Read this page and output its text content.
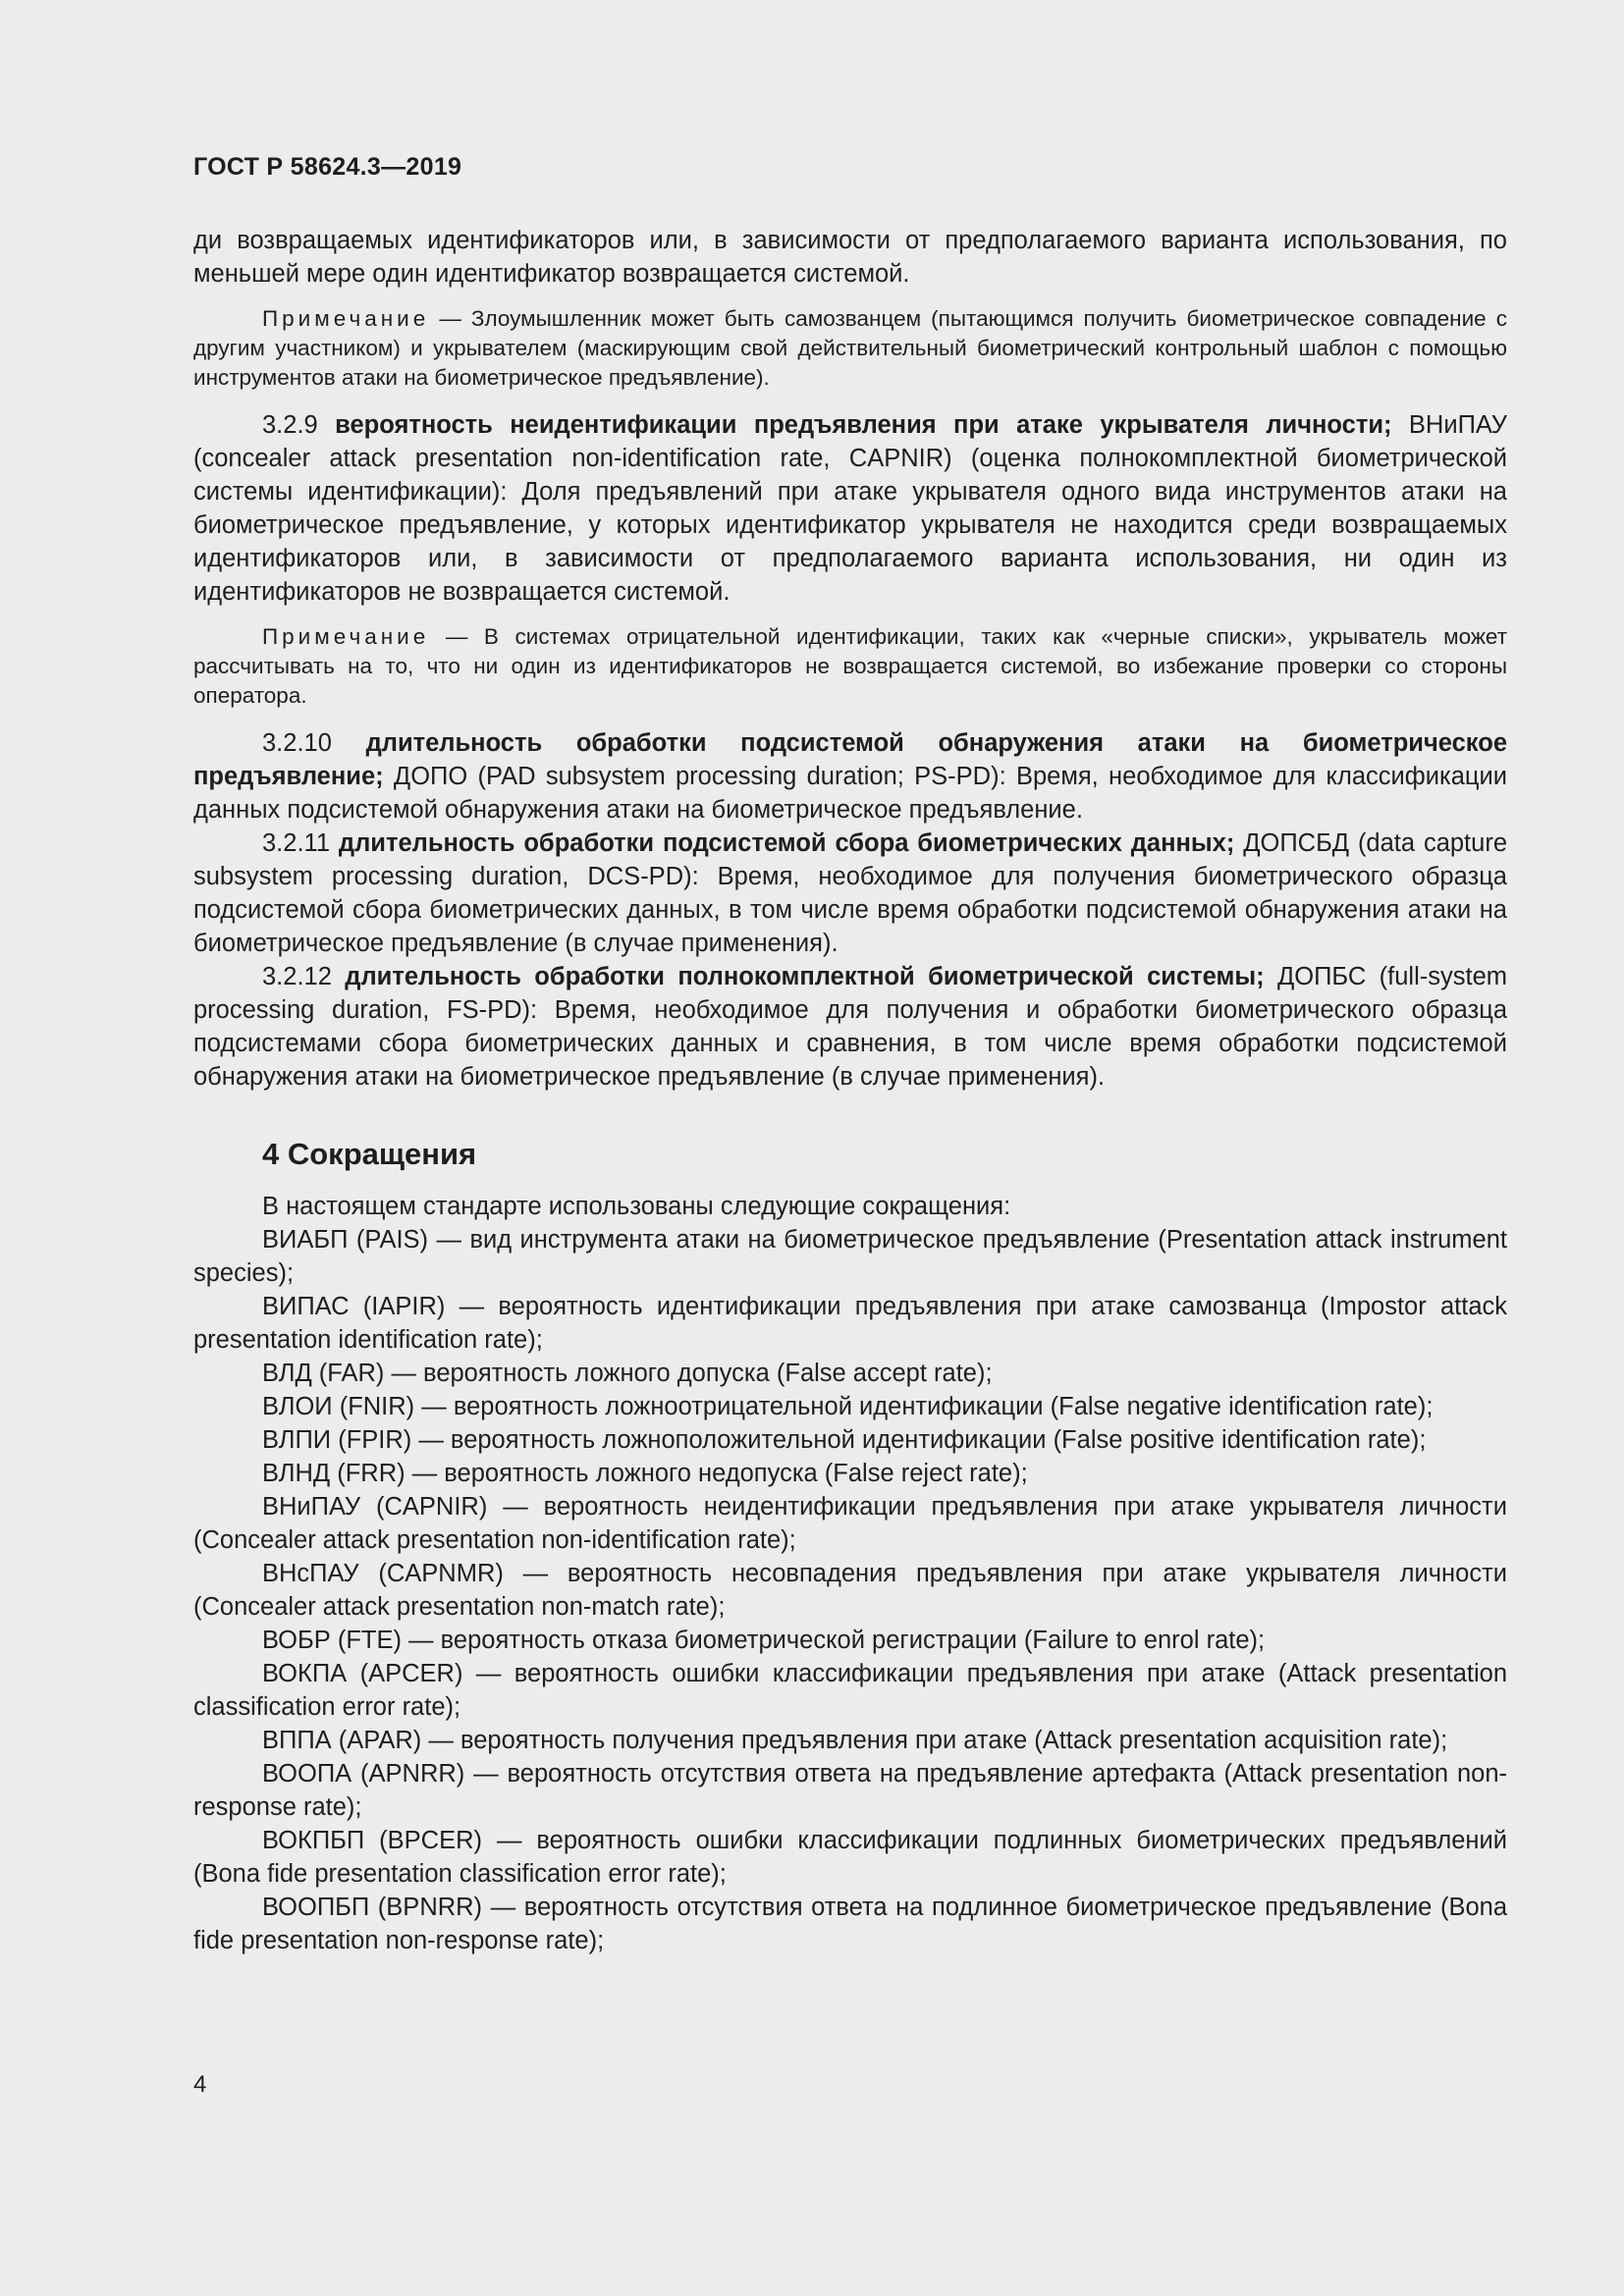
ГОСТ Р 58624.3—2019

ди возвращаемых идентификаторов или, в зависимости от предполагаемого варианта использования, по меньшей мере один идентификатор возвращается системой.

Примечание — Злоумышленник может быть самозванцем (пытающимся получить биометрическое совпадение с другим участником) и укрывателем (маскирующим свой действительный биометрический контрольный шаблон с помощью инструментов атаки на биометрическое предъявление).

3.2.9 вероятность неидентификации предъявления при атаке укрывателя личности; ВНиПАУ (concealer attack presentation non-identification rate, CAPNIR) (оценка полнокомплектной биометрической системы идентификации): Доля предъявлений при атаке укрывателя одного вида инструментов атаки на биометрическое предъявление, у которых идентификатор укрывателя не находится среди возвращаемых идентификаторов или, в зависимости от предполагаемого варианта использования, ни один из идентификаторов не возвращается системой.

Примечание — В системах отрицательной идентификации, таких как «черные списки», укрыватель может рассчитывать на то, что ни один из идентификаторов не возвращается системой, во избежание проверки со стороны оператора.

3.2.10 длительность обработки подсистемой обнаружения атаки на биометрическое предъявление; ДОПО (PAD subsystem processing duration; PS-PD): Время, необходимое для классификации данных подсистемой обнаружения атаки на биометрическое предъявление.

3.2.11 длительность обработки подсистемой сбора биометрических данных; ДОПСБД (data capture subsystem processing duration, DCS-PD): Время, необходимое для получения биометрического образца подсистемой сбора биометрических данных, в том числе время обработки подсистемой обнаружения атаки на биометрическое предъявление (в случае применения).

3.2.12 длительность обработки полнокомплектной биометрической системы; ДОПБС (full-system processing duration, FS-PD): Время, необходимое для получения и обработки биометрического образца подсистемами сбора биометрических данных и сравнения, в том числе время обработки подсистемой обнаружения атаки на биометрическое предъявление (в случае применения).

4 Сокращения

В настоящем стандарте использованы следующие сокращения:

ВИАБП (PAIS) — вид инструмента атаки на биометрическое предъявление (Presentation attack instrument species);

ВИПАС (IAPIR) — вероятность идентификации предъявления при атаке самозванца (Impostor attack presentation identification rate);

ВЛД (FAR) — вероятность ложного допуска (False accept rate);

ВЛОИ (FNIR) — вероятность ложноотрицательной идентификации (False negative identification rate);

ВЛПИ (FPIR) — вероятность ложноположительной идентификации (False positive identification rate);

ВЛНД (FRR) — вероятность ложного недопуска (False reject rate);

ВНиПАУ (CAPNIR) — вероятность неидентификации предъявления при атаке укрывателя личности (Concealer attack presentation non-identification rate);

ВНсПАУ (CAPNMR) — вероятность несовпадения предъявления при атаке укрывателя личности (Concealer attack presentation non-match rate);

ВОБР (FTE) — вероятность отказа биометрической регистрации (Failure to enrol rate);

ВОКПА (APCER) — вероятность ошибки классификации предъявления при атаке (Attack presentation classification error rate);

ВППА (APAR) — вероятность получения предъявления при атаке (Attack presentation acquisition rate);

ВООПА (APNRR) — вероятность отсутствия ответа на предъявление артефакта (Attack presentation non-response rate);

ВОКПБП (BPCER) — вероятность ошибки классификации подлинных биометрических предъявлений (Bona fide presentation classification error rate);

ВООПБП (BPNRR) — вероятность отсутствия ответа на подлинное биометрическое предъявление (Bona fide presentation non-response rate);

4
